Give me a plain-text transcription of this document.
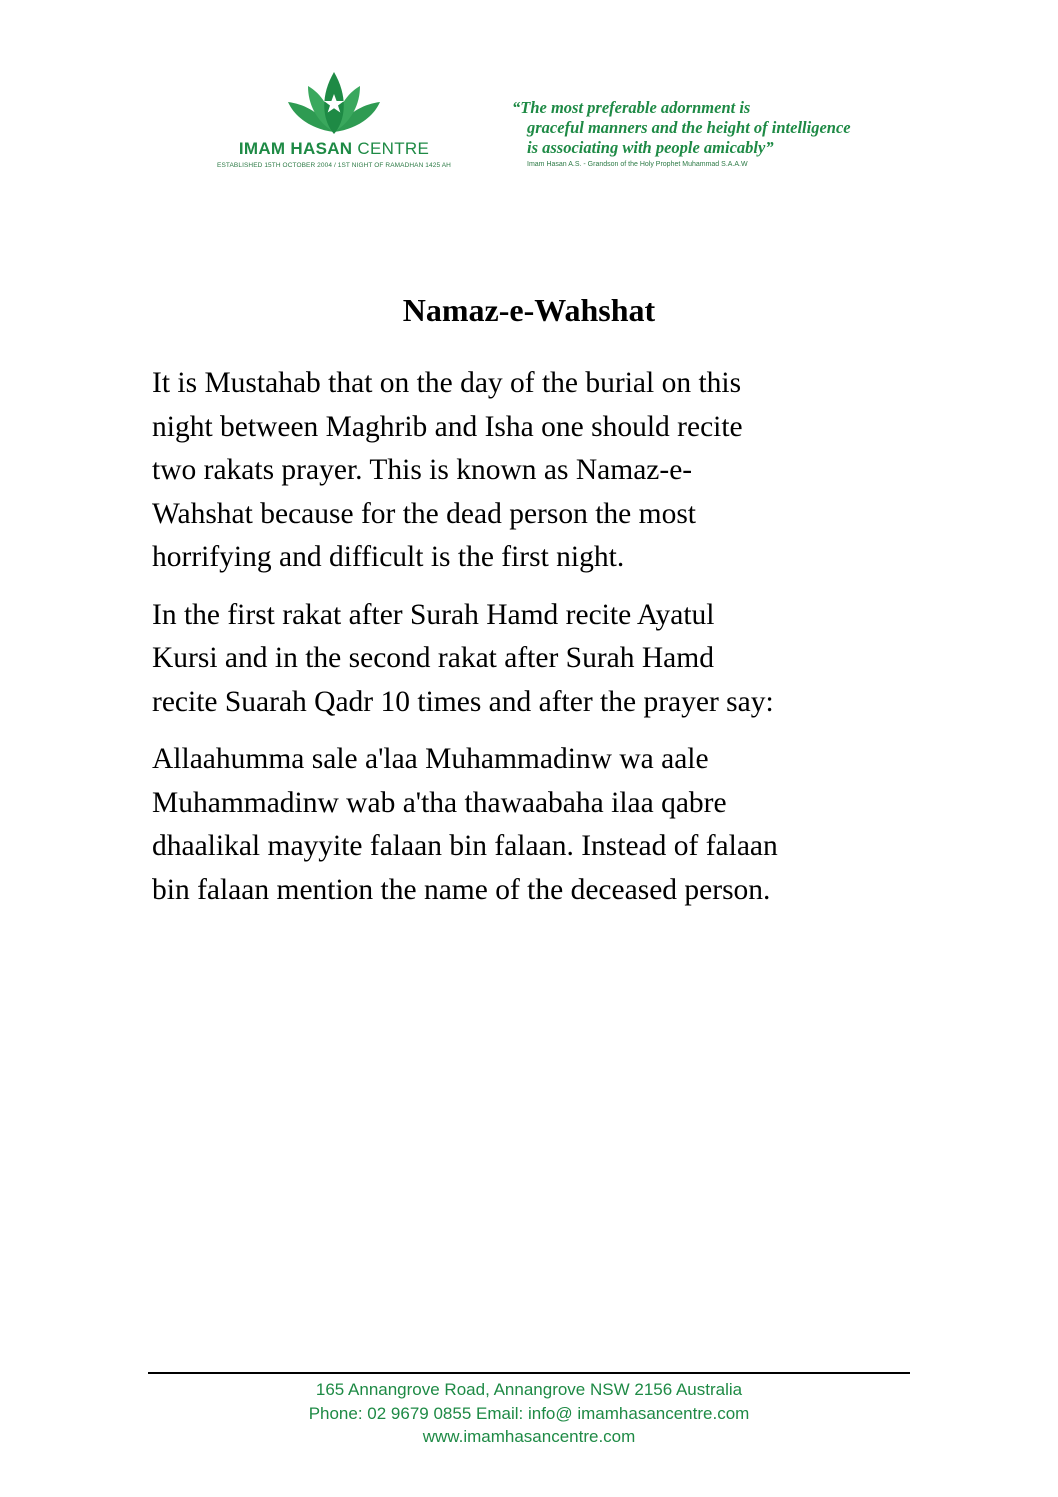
IMAM HASAN CENTRE
ESTABLISHED 15TH OCTOBER 2004 / 1ST NIGHT OF RAMADHAN 1425 AH
“The most preferable adornment is
graceful manners and the height of intelligence
is associating with people amicably”
Imam Hasan A.S. - Grandson of the Holy Prophet Muhammad S.A.A.W
Namaz-e-Wahshat

It is Mustahab that on the day of the burial on this
night between Maghrib and Isha one should recite
two rakats prayer. This is known as Namaz-e-
Wahshat because for the dead person the most
horrifying and difficult is the first night.

In the first rakat after Surah Hamd recite Ayatul
Kursi and in the second rakat after Surah Hamd
recite Suarah Qadr 10 times and after the prayer say:

Allaahumma sale a'laa Muhammadinw wa aale
Muhammadinw wab a'tha thawaabaha ilaa qabre
dhaalikal mayyite falaan bin falaan. Instead of falaan
bin falaan mention the name of the deceased person.

165 Annangrove Road, Annangrove NSW 2156 Australia
Phone: 02 9679 0855 Email: info@ imamhasancentre.com
www.imamhasancentre.com
